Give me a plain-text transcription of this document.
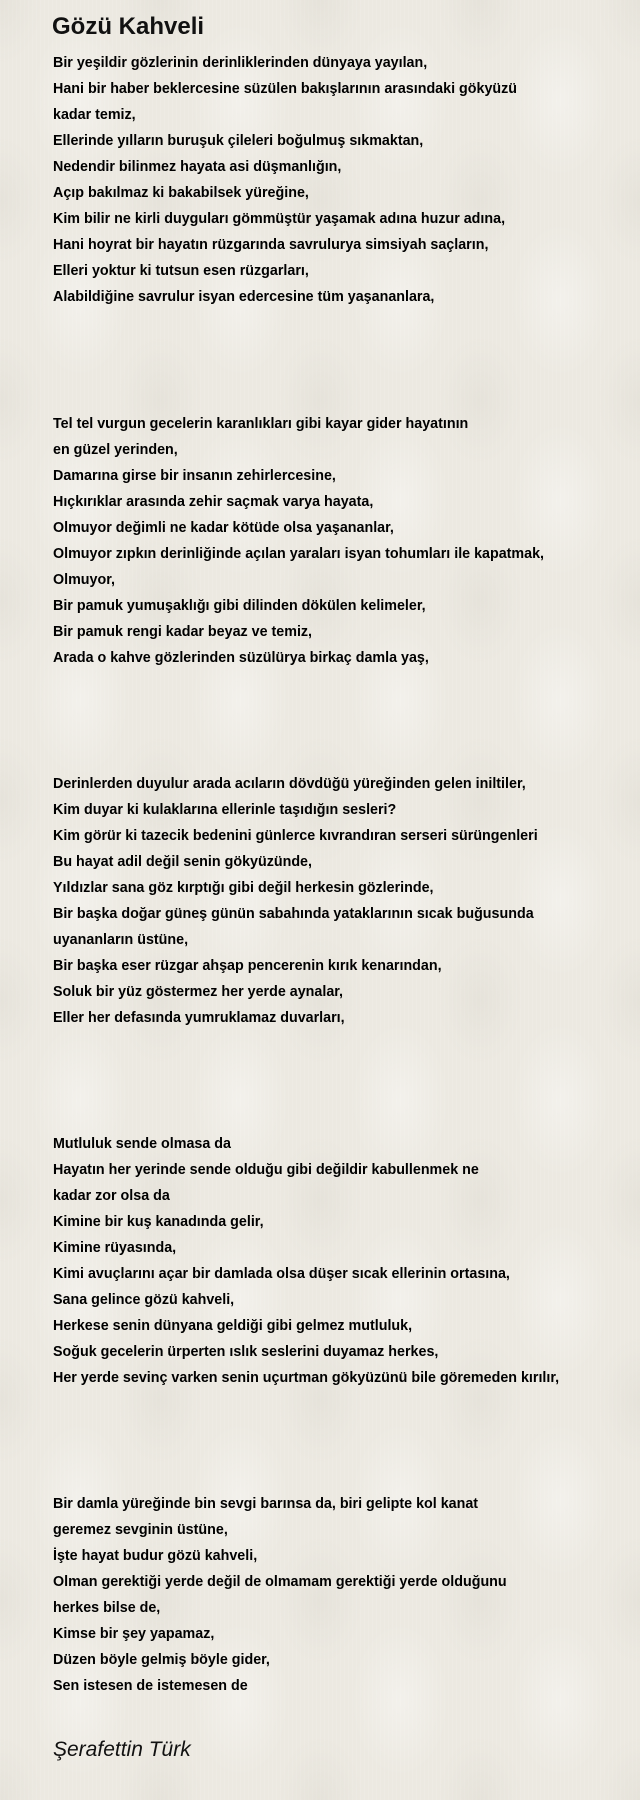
Gözü Kahveli
Bir yeşildir gözlerinin derinliklerinden dünyaya yayılan,
Hani bir haber beklercesine süzülen bakışlarının arasındaki gökyüzü
kadar temiz,
Ellerinde yılların buruşuk çileleri boğulmuş sıkmaktan,
Nedendir bilinmez hayata asi düşmanlığın,
Açıp bakılmaz ki bakabilsek yüreğine,
Kim bilir ne kirli duyguları gömmüştür yaşamak adına huzur adına,
Hani hoyrat bir hayatın rüzgarında savrulurya simsiyah saçların,
Elleri yoktur ki tutsun esen rüzgarları,
Alabildiğine savrulur isyan edercesine tüm yaşananlara,
Tel tel vurgun gecelerin karanlıkları gibi kayar gider hayatının
en güzel yerinden,
Damarına girse bir insanın zehirlercesine,
Hıçkırıklar arasında zehir saçmak varya hayata,
Olmuyor değimli ne kadar kötüde olsa yaşananlar,
Olmuyor zıpkın derinliğinde açılan yaraları isyan tohumları ile kapatmak,
Olmuyor,
Bir pamuk yumuşaklığı gibi dilinden dökülen kelimeler,
Bir pamuk rengi kadar beyaz ve temiz,
Arada o kahve gözlerinden süzülürya birkaç damla yaş,
Derinlerden duyulur arada acıların dövdüğü yüreğinden gelen iniltiler,
Kim duyar ki kulaklarına ellerinle taşıdığın sesleri?
Kim görür ki tazecik bedenini günlerce kıvrandıran serseri sürüngenleri
Bu hayat adil değil senin gökyüzünde,
Yıldızlar sana göz kırptığı gibi değil herkesin gözlerinde,
Bir başka doğar güneş günün sabahında yataklarının sıcak buğusunda
uyananların üstüne,
Bir başka eser rüzgar ahşap pencerenin kırık kenarından,
Soluk bir yüz göstermez her yerde aynalar,
Eller her defasında yumruklamaz duvarları,
Mutluluk sende olmasa da
Hayatın her yerinde sende olduğu gibi değildir kabullenmek ne
kadar zor olsa da
Kimine bir kuş kanadında gelir,
Kimine rüyasında,
Kimi avuçlarını açar bir damlada olsa düşer sıcak ellerinin ortasına,
Sana gelince gözü kahveli,
Herkese senin dünyana geldiği gibi gelmez mutluluk,
Soğuk gecelerin ürperten ıslık seslerini duyamaz herkes,
Her yerde sevinç varken senin uçurtman gökyüzünü bile göremeden kırılır,
Bir damla yüreğinde bin sevgi barınsa da, biri gelipte kol kanat
geremez sevginin üstüne,
İşte hayat budur gözü kahveli,
Olman gerektiği yerde değil de olmamam gerektiği yerde olduğunu
herkes bilse de,
Kimse bir şey yapamaz,
Düzen böyle gelmiş böyle gider,
Sen istesen de istemesen de
Şerafettin Türk
